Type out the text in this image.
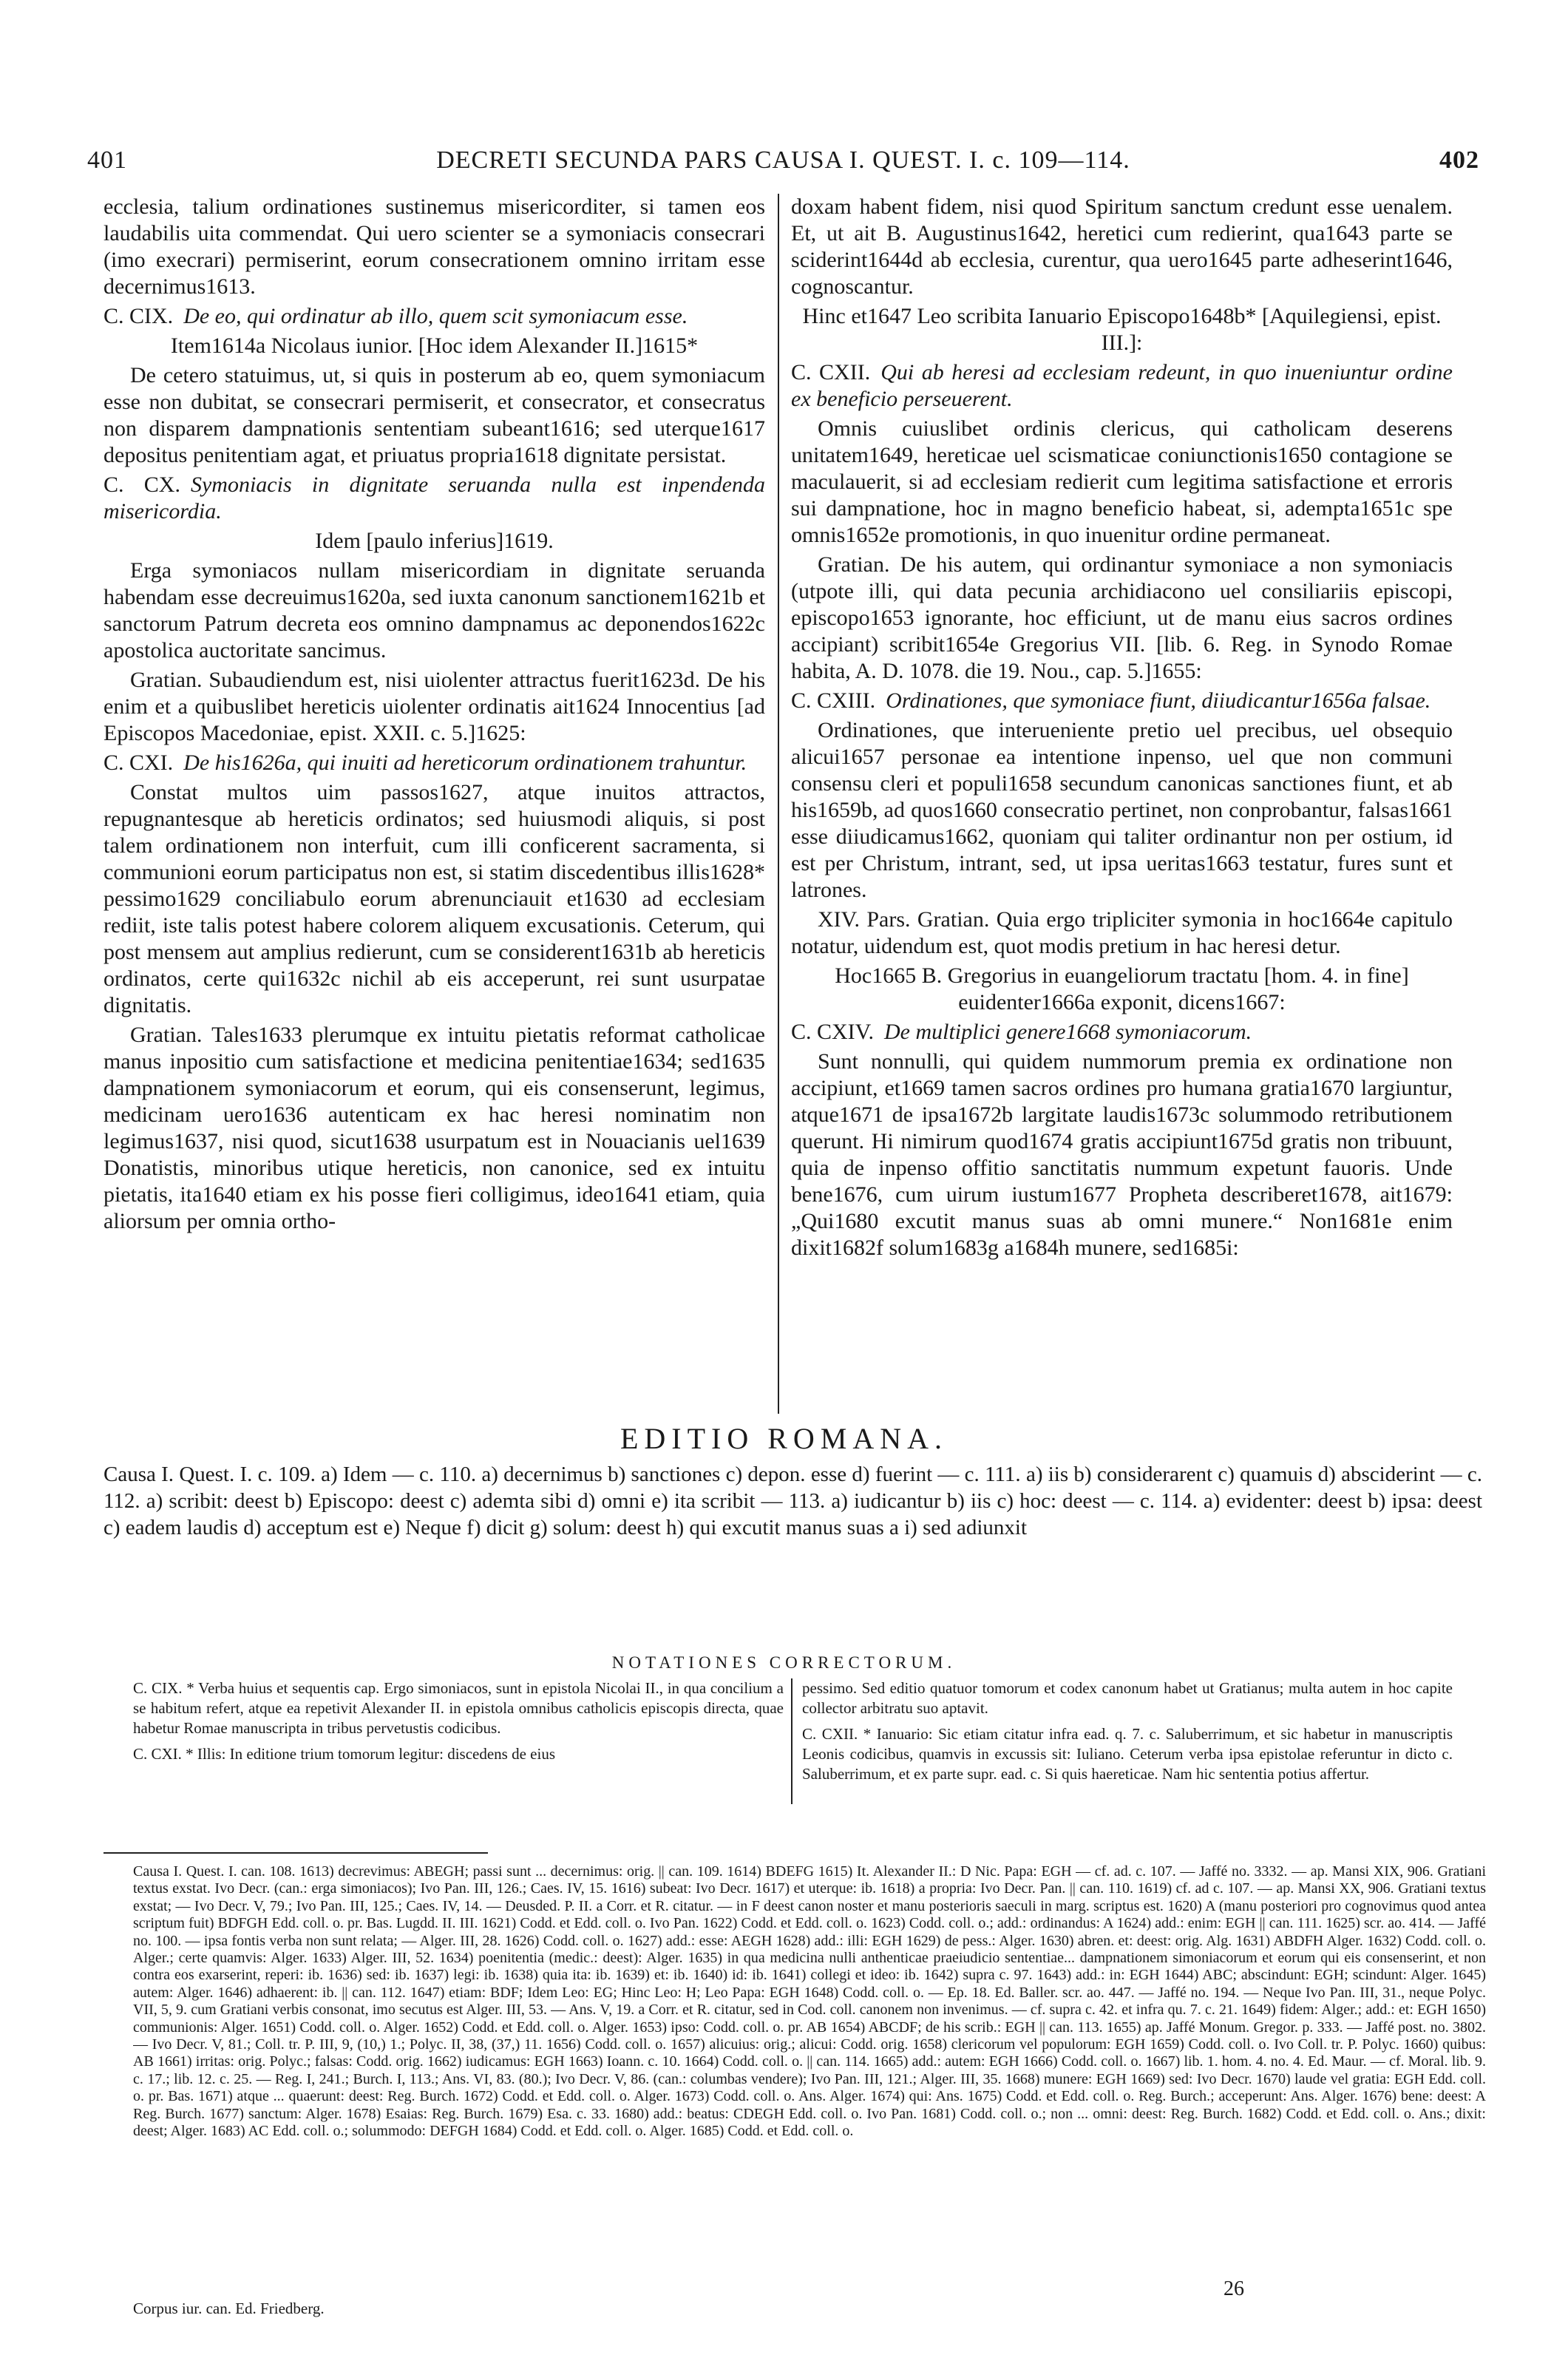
401	DECRETI SECUNDA PARS CAUSA I. QUEST. I. c. 109—114.	402

ecclesia, talium ordinationes sustinemus misericorditer, si tamen eos laudabilis uita commendat. Qui uero scienter se a symoniacis consecrari (imo execrari) permiserint, eorum consecrationem omnino irritam esse decernimus1613.

C. CIX. De eo, qui ordinatur ab illo, quem scit symoniacum esse.

Item1614a Nicolaus iunior. [Hoc idem Alexander II.]1615*

De cetero statuimus, ut, si quis in posterum ab eo, quem symoniacum esse non dubitat, se consecrari permiserit, et consecrator, et consecratus non disparem dampnationis sententiam subeant1616; sed uterque1617 depositus penitentiam agat, et priuatus propria1618 dignitate persistat.

C. CX. Symoniacis in dignitate seruanda nulla est inpendenda misericordia.

Idem [paulo inferius]1619.

Erga symoniacos nullam misericordiam in dignitate seruanda habendam esse decreuimus1620a, sed iuxta canonum sanctionem1621b et sanctorum Patrum decreta eos omnino dampnamus ac deponendos1622c apostolica auctoritate sancimus.

Gratian. Subaudiendum est, nisi uiolenter attractus fuerit1623d. De his enim et a quibuslibet hereticis uiolenter ordinatis ait1624 Innocentius [ad Episcopos Macedoniae, epist. XXII. c. 5.]1625:

C. CXI. De his1626a, qui inuiti ad hereticorum ordinationem trahuntur.

Constat multos uim passos1627, atque inuitos attractos, repugnantesque ab hereticis ordinatos; sed huiusmodi aliquis, si post talem ordinationem non interfuit, cum illi conficerent sacramenta, si communioni eorum participatus non est, si statim discedentibus illis1628* pessimo1629 conciliabulo eorum abrenunciauit et1630 ad ecclesiam rediit, iste talis potest habere colorem aliquem excusationis. Ceterum, qui post mensem aut amplius redierunt, cum se considerent1631b ab hereticis ordinatos, certe qui1632c nichil ab eis acceperunt, rei sunt usurpatae dignitatis.

Gratian. Tales1633 plerumque ex intuitu pietatis reformat catholicae manus inpositio cum satisfactione et medicina penitentiae1634; sed1635 dampnationem symoniacorum et eorum, qui eis consenserunt, legimus, medicinam uero1636 autenticam ex hac heresi nominatim non legimus1637, nisi quod, sicut1638 usurpatum est in Nouacianis uel1639 Donatistis, minoribus utique hereticis, non canonice, sed ex intuitu pietatis, ita1640 etiam ex his posse fieri colligimus, ideo1641 etiam, quia aliorsum per omnia ortho-

doxam habent fidem, nisi quod Spiritum sanctum credunt esse uenalem. Et, ut ait B. Augustinus1642, heretici cum redierint, qua1643 parte se sciderint1644d ab ecclesia, curentur, qua uero1645 parte adheserint1646, cognoscantur.

Hinc et1647 Leo scribita Ianuario Episcopo1648b* [Aquilegiensi, epist. III.]:

C. CXII. Qui ab heresi ad ecclesiam redeunt, in quo inueniuntur ordine ex beneficio perseuerent.

Omnis cuiuslibet ordinis clericus, qui catholicam deserens unitatem1649, hereticae uel scismaticae coniunctionis1650 contagione se maculauerit, si ad ecclesiam redierit cum legitima satisfactione et erroris sui dampnatione, hoc in magno beneficio habeat, si, adempta1651c spe omnis1652e promotionis, in quo inuenitur ordine permaneat.

Gratian. De his autem, qui ordinantur symoniace a non symoniacis (utpote illi, qui data pecunia archidiacono uel consiliariis episcopi, episcopo1653 ignorante, hoc efficiunt, ut de manu eius sacros ordines accipiant) scribit1654e Gregorius VII. [lib. 6. Reg. in Synodo Romae habita, A. D. 1078. die 19. Nou., cap. 5.]1655:

C. CXIII. Ordinationes, que symoniace fiunt, diiudicantur1656a falsae.

Ordinationes, que interueniente pretio uel precibus, uel obsequio alicui1657 personae ea intentione inpenso, uel que non communi consensu cleri et populi1658 secundum canonicas sanctiones fiunt, et ab his1659b, ad quos1660 consecratio pertinet, non conprobantur, falsas1661 esse diiudicamus1662, quoniam qui taliter ordinantur non per ostium, id est per Christum, intrant, sed, ut ipsa ueritas1663 testatur, fures sunt et latrones.

XIV. Pars. Gratian. Quia ergo tripliciter symonia in hoc1664e capitulo notatur, uidendum est, quot modis pretium in hac heresi detur.

Hoc1665 B. Gregorius in euangeliorum tractatu [hom. 4. in fine] euidenter1666a exponit, dicens1667:

C. CXIV. De multiplici genere1668 symoniacorum.

Sunt nonnulli, qui quidem nummorum premia ex ordinatione non accipiunt, et1669 tamen sacros ordines pro humana gratia1670 largiuntur, atque1671 de ipsa1672b largitate laudis1673c solummodo retributionem querunt. Hi nimirum quod1674 gratis accipiunt1675d gratis non tribuunt, quia de inpenso offitio sanctitatis nummum expetunt fauoris. Unde bene1676, cum uirum iustum1677 Propheta describeret1678, ait1679: „Qui1680 excutit manus suas ab omni munere.“ Non1681e enim dixit1682f solum1683g a1684h munere, sed1685i:

EDITIO ROMANA.

Causa I. Quest. I. c. 109. a) Idem — c. 110. a) decernimus b) sanctiones c) depon. esse d) fuerint — c. 111. a) iis b) considerarent c) quamuis d) absciderint — c. 112. a) scribit: deest b) Episcopo: deest c) ademta sibi d) omni e) ita scribit — 113. a) iudicantur b) iis c) hoc: deest — c. 114. a) evidenter: deest b) ipsa: deest c) eadem laudis d) acceptum est e) Neque f) dicit g) solum: deest h) qui excutit manus suas a i) sed adiunxit

NOTATIONES CORRECTORUM.

C. CIX. * Verba huius et sequentis cap. Ergo simoniacos, sunt in epistola Nicolai II., in qua concilium a se habitum refert, atque ea repetivit Alexander II. in epistola omnibus catholicis episcopis directa, quae habetur Romae manuscripta in tribus pervetustis codicibus.

C. CXI. * Illis: In editione trium tomorum legitur: discedens de eius

pessimo. Sed editio quatuor tomorum et codex canonum habet ut Gratianus; multa autem in hoc capite collector arbitratu suo aptavit.

C. CXII. * Ianuario: Sic etiam citatur infra ead. q. 7. c. Saluberrimum, et sic habetur in manuscriptis Leonis codicibus, quamvis in excussis sit: Iuliano. Ceterum verba ipsa epistolae referuntur in dicto c. Saluberrimum, et ex parte supr. ead. c. Si quis haereticae. Nam hic sententia potius affertur.

Causa I. Quest. I. can. 108. 1613) decrevimus: ABEGH; passi sunt ... decernimus: orig. || can. 109. 1614) BDEFG 1615) It. Alexander II.: D Nic. Papa: EGH — cf. ad. c. 107. — Jaffé no. 3332. — ap. Mansi XIX, 906. Gratiani textus exstat. Ivo Decr. (can.: erga simoniacos); Ivo Pan. III, 126.; Caes. IV, 15. 1616) subeat: Ivo Decr. 1617) et uterque: ib. 1618) a propria: Ivo Decr. Pan. || can. 110. 1619) cf. ad c. 107. — ap. Mansi XX, 906. Gratiani textus exstat; — Ivo Decr. V, 79.; Ivo Pan. III, 125.; Caes. IV, 14. — Deusded. P. II. a Corr. et R. citatur. — in F deest canon noster et manu posterioris saeculi in marg. scriptus est. 1620) A (manu posteriori pro cognovimus quod antea scriptum fuit) BDFGH Edd. coll. o. pr. Bas. Lugdd. II. III. 1621) Codd. et Edd. coll. o. Ivo Pan. 1622) Codd. et Edd. coll. o. 1623) Codd. coll. o.; add.: ordinandus: A 1624) add.: enim: EGH || can. 111. 1625) scr. ao. 414. — Jaffé no. 100. — ipsa fontis verba non sunt relata; — Alger. III, 28. 1626) Codd. coll. o. 1627) add.: esse: AEGH 1628) add.: illi: EGH 1629) de pess.: Alger. 1630) abren. et: deest: orig. Alg. 1631) ABDFH Alger. 1632) Codd. coll. o. Alger.; certe quamvis: Alger. 1633) Alger. III, 52. 1634) poenitentia (medic.: deest): Alger. 1635) in qua medicina nulli anthenticae praeiudicio sententiae... dampnationem simoniacorum et eorum qui eis consenserint, et non contra eos exarserint, reperi: ib. 1636) sed: ib. 1637) legi: ib. 1638) quia ita: ib. 1639) et: ib. 1640) id: ib. 1641) collegi et ideo: ib. 1642) supra c. 97. 1643) add.: in: EGH 1644) ABC; abscindunt: EGH; scindunt: Alger. 1645) autem: Alger. 1646) adhaerent: ib. || can. 112. 1647) etiam: BDF; Idem Leo: EG; Hinc Leo: H; Leo Papa: EGH 1648) Codd. coll. o. — Ep. 18. Ed. Baller. scr. ao. 447. — Jaffé no. 194. — Neque Ivo Pan. III, 31., neque Polyc. VII, 5, 9. cum Gratiani verbis consonat, imo secutus est Alger. III, 53. — Ans. V, 19. a Corr. et R. citatur, sed in Cod. coll. canonem non invenimus. — cf. supra c. 42. et infra qu. 7. c. 21. 1649) fidem: Alger.; add.: et: EGH 1650) communionis: Alger. 1651) Codd. coll. o. Alger. 1652) Codd. et Edd. coll. o. Alger. 1653) ipso: Codd. coll. o. pr. AB 1654) ABCDF; de his scrib.: EGH || can. 113. 1655) ap. Jaffé Monum. Gregor. p. 333. — Jaffé post. no. 3802. — Ivo Decr. V, 81.; Coll. tr. P. III, 9, (10,) 1.; Polyc. II, 38, (37,) 11. 1656) Codd. coll. o. 1657) alicuius: orig.; alicui: Codd. orig. 1658) clericorum vel populorum: EGH 1659) Codd. coll. o. Ivo Coll. tr. P. Polyc. 1660) quibus: AB 1661) irritas: orig. Polyc.; falsas: Codd. orig. 1662) iudicamus: EGH 1663) Ioann. c. 10. 1664) Codd. coll. o. || can. 114. 1665) add.: autem: EGH 1666) Codd. coll. o. 1667) lib. 1. hom. 4. no. 4. Ed. Maur. — cf. Moral. lib. 9. c. 17.; lib. 12. c. 25. — Reg. I, 241.; Burch. I, 113.; Ans. VI, 83. (80.); Ivo Decr. V, 86. (can.: columbas vendere); Ivo Pan. III, 121.; Alger. III, 35. 1668) munere: EGH 1669) sed: Ivo Decr. 1670) laude vel gratia: EGH Edd. coll. o. pr. Bas. 1671) atque ... quaerunt: deest: Reg. Burch. 1672) Codd. et Edd. coll. o. Alger. 1673) Codd. coll. o. Ans. Alger. 1674) qui: Ans. 1675) Codd. et Edd. coll. o. Reg. Burch.; acceperunt: Ans. Alger. 1676) bene: deest: A Reg. Burch. 1677) sanctum: Alger. 1678) Esaias: Reg. Burch. 1679) Esa. c. 33. 1680) add.: beatus: CDEGH Edd. coll. o. Ivo Pan. 1681) Codd. coll. o.; non ... omni: deest: Reg. Burch. 1682) Codd. et Edd. coll. o. Ans.; dixit: deest; Alger. 1683) AC Edd. coll. o.; solummodo: DEFGH 1684) Codd. et Edd. coll. o. Alger. 1685) Codd. et Edd. coll. o.

Corpus iur. can. Ed. Friedberg.
26
